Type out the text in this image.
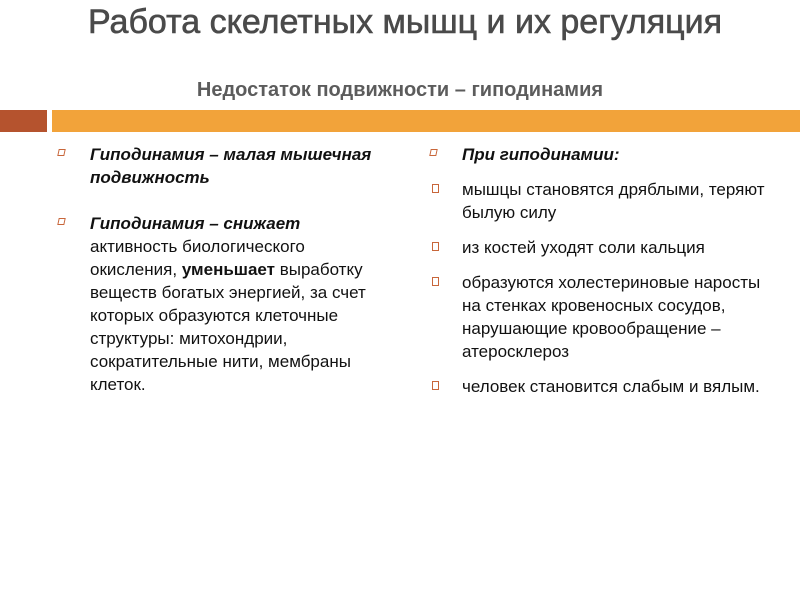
Работа скелетных мышц и их регуляция
Недостаток подвижности – гиподинамия
Гиподинамия – малая мышечная подвижность
Гиподинамия – снижает активность биологического окисления, уменьшает выработку веществ богатых энергией, за счет которых образуются клеточные структуры: митохондрии, сократительные нити, мембраны клеток.
При гиподинамии:
мышцы становятся дряблыми, теряют былую силу
из костей уходят соли кальция
образуются холестериновые наросты на стенках кровеносных сосудов, нарушающие кровообращение – атеросклероз
человек становится слабым и вялым.
